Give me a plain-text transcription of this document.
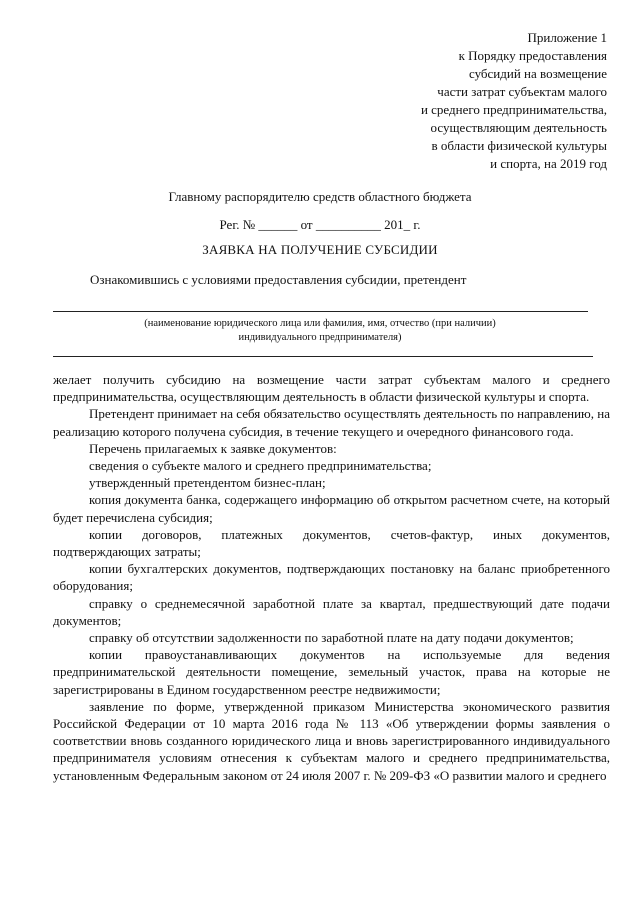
Приложение 1
к Порядку предоставления
субсидий на возмещение
части затрат субъектам малого
и среднего предпринимательства,
осуществляющим деятельность
в области физической культуры
и спорта, на 2019 год
Главному распорядителю средств областного бюджета
Рег. № ______ от __________ 201_ г.
ЗАЯВКА НА ПОЛУЧЕНИЕ СУБСИДИИ
Ознакомившись с условиями предоставления субсидии, претендент
(наименование юридического лица или фамилия, имя, отчество (при наличии)
индивидуального предпринимателя)

желает получить субсидию на возмещение части затрат субъектам малого и среднего предпринимательства, осуществляющим деятельность в области физической культуры и спорта.

Претендент принимает на себя обязательство осуществлять деятельность по направлению, на реализацию которого получена субсидия, в течение текущего и очередного финансового года.

Перечень прилагаемых к заявке документов:

сведения о субъекте малого и среднего предпринимательства;

утвержденный претендентом бизнес-план;

копия документа банка, содержащего информацию об открытом расчетном счете, на который будет перечислена субсидия;

копии договоров, платежных документов, счетов-фактур, иных документов, подтверждающих затраты;

копии бухгалтерских документов, подтверждающих постановку на баланс приобретенного оборудования;

справку о среднемесячной заработной плате за квартал, предшествующий дате подачи документов;

справку об отсутствии задолженности по заработной плате на дату подачи документов;

копии правоустанавливающих документов на используемые для ведения предпринимательской деятельности помещение, земельный участок, права на которые не зарегистрированы в Едином государственном реестре недвижимости;

заявление по форме, утвержденной приказом Министерства экономического развития Российской Федерации от 10 марта 2016 года № 113 «Об утверждении формы заявления о соответствии вновь созданного юридического лица и вновь зарегистрированного индивидуального предпринимателя условиям отнесения к субъектам малого и среднего предпринимательства, установленным Федеральным законом от 24 июля 2007 г. № 209-ФЗ «О развитии малого и среднего
